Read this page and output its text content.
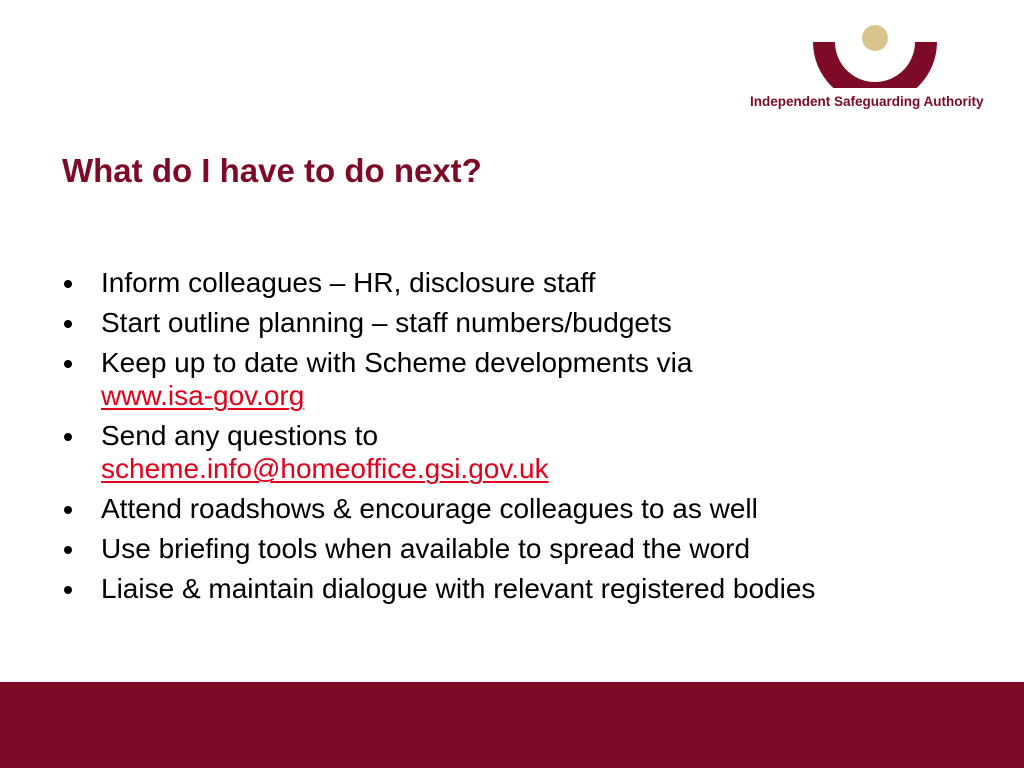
Independent Safeguarding Authority
What do I have to do next?
Inform colleagues – HR, disclosure staff
Start outline planning – staff numbers/budgets
Keep up to date with Scheme developments via
www.isa-gov.org
Send any questions to
scheme.info@homeoffice.gsi.gov.uk
Attend roadshows & encourage colleagues to as well
Use briefing tools when available to spread the word
Liaise & maintain dialogue with relevant registered bodies
